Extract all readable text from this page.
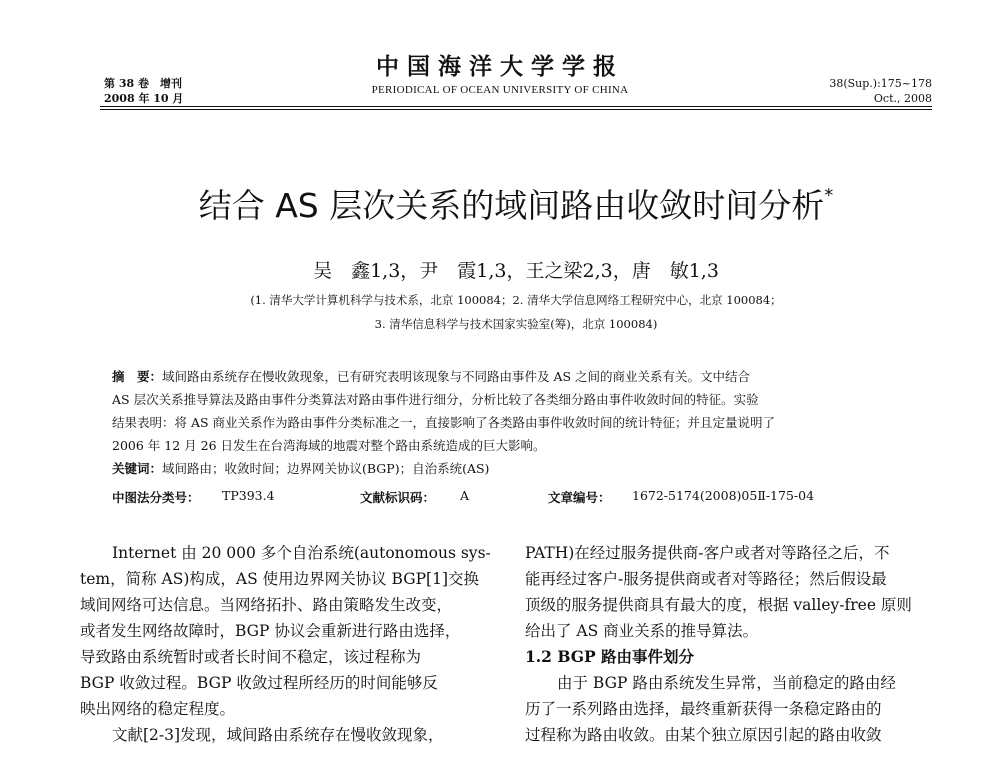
第 38 卷　增刊
2008 年 10 月
中国海洋大学学报
PERIODICAL OF OCEAN UNIVERSITY OF CHINA	38(Sup.):175~178
Oct., 2008
结合 AS 层次关系的域间路由收敛时间分析*
吴　鑫1,3，尹　霞1,3，王之梁2,3，唐　敏1,3
(1. 清华大学计算机科学与技术系，北京 100084；2. 清华大学信息网络工程研究中心，北京 100084；
3. 清华信息科学与技术国家实验室(筹)，北京 100084)
摘　要：域间路由系统存在慢收敛现象，已有研究表明该现象与不同路由事件及 AS 之间的商业关系有关。文中结合
AS 层次关系推导算法及路由事件分类算法对路由事件进行细分，分析比较了各类细分路由事件收敛时间的特征。实验
结果表明：将 AS 商业关系作为路由事件分类标准之一，直接影响了各类路由事件收敛时间的统计特征；并且定量说明了
2006 年 12 月 26 日发生在台湾海域的地震对整个路由系统造成的巨大影响。
关键词：域间路由；收敛时间；边界网关协议(BGP)；自治系统(AS)
中图法分类号： TP393.4	文献标识码： A	文章编号： 1672-5174(2008)05Ⅱ-175-04
Internet 由 20 000 多个自治系统(autonomous sys-
tem，简称 AS)构成，AS 使用边界网关协议 BGP[1]交换
域间网络可达信息。当网络拓扑、路由策略发生改变，
或者发生网络故障时，BGP 协议会重新进行路由选择，
导致路由系统暂时或者长时间不稳定，该过程称为
BGP 收敛过程。BGP 收敛过程所经历的时间能够反
映出网络的稳定程度。
文献[2-3]发现，域间路由系统存在慢收敛现象，
PATH)在经过服务提供商-客户或者对等路径之后，不
能再经过客户-服务提供商或者对等路径；然后假设最
顶级的服务提供商具有最大的度，根据 valley-free 原则
给出了 AS 商业关系的推导算法。
1.2 BGP 路由事件划分
由于 BGP 路由系统发生异常，当前稳定的路由经
历了一系列路由选择，最终重新获得一条稳定路由的
过程称为路由收敛。由某个独立原因引起的路由收敛
